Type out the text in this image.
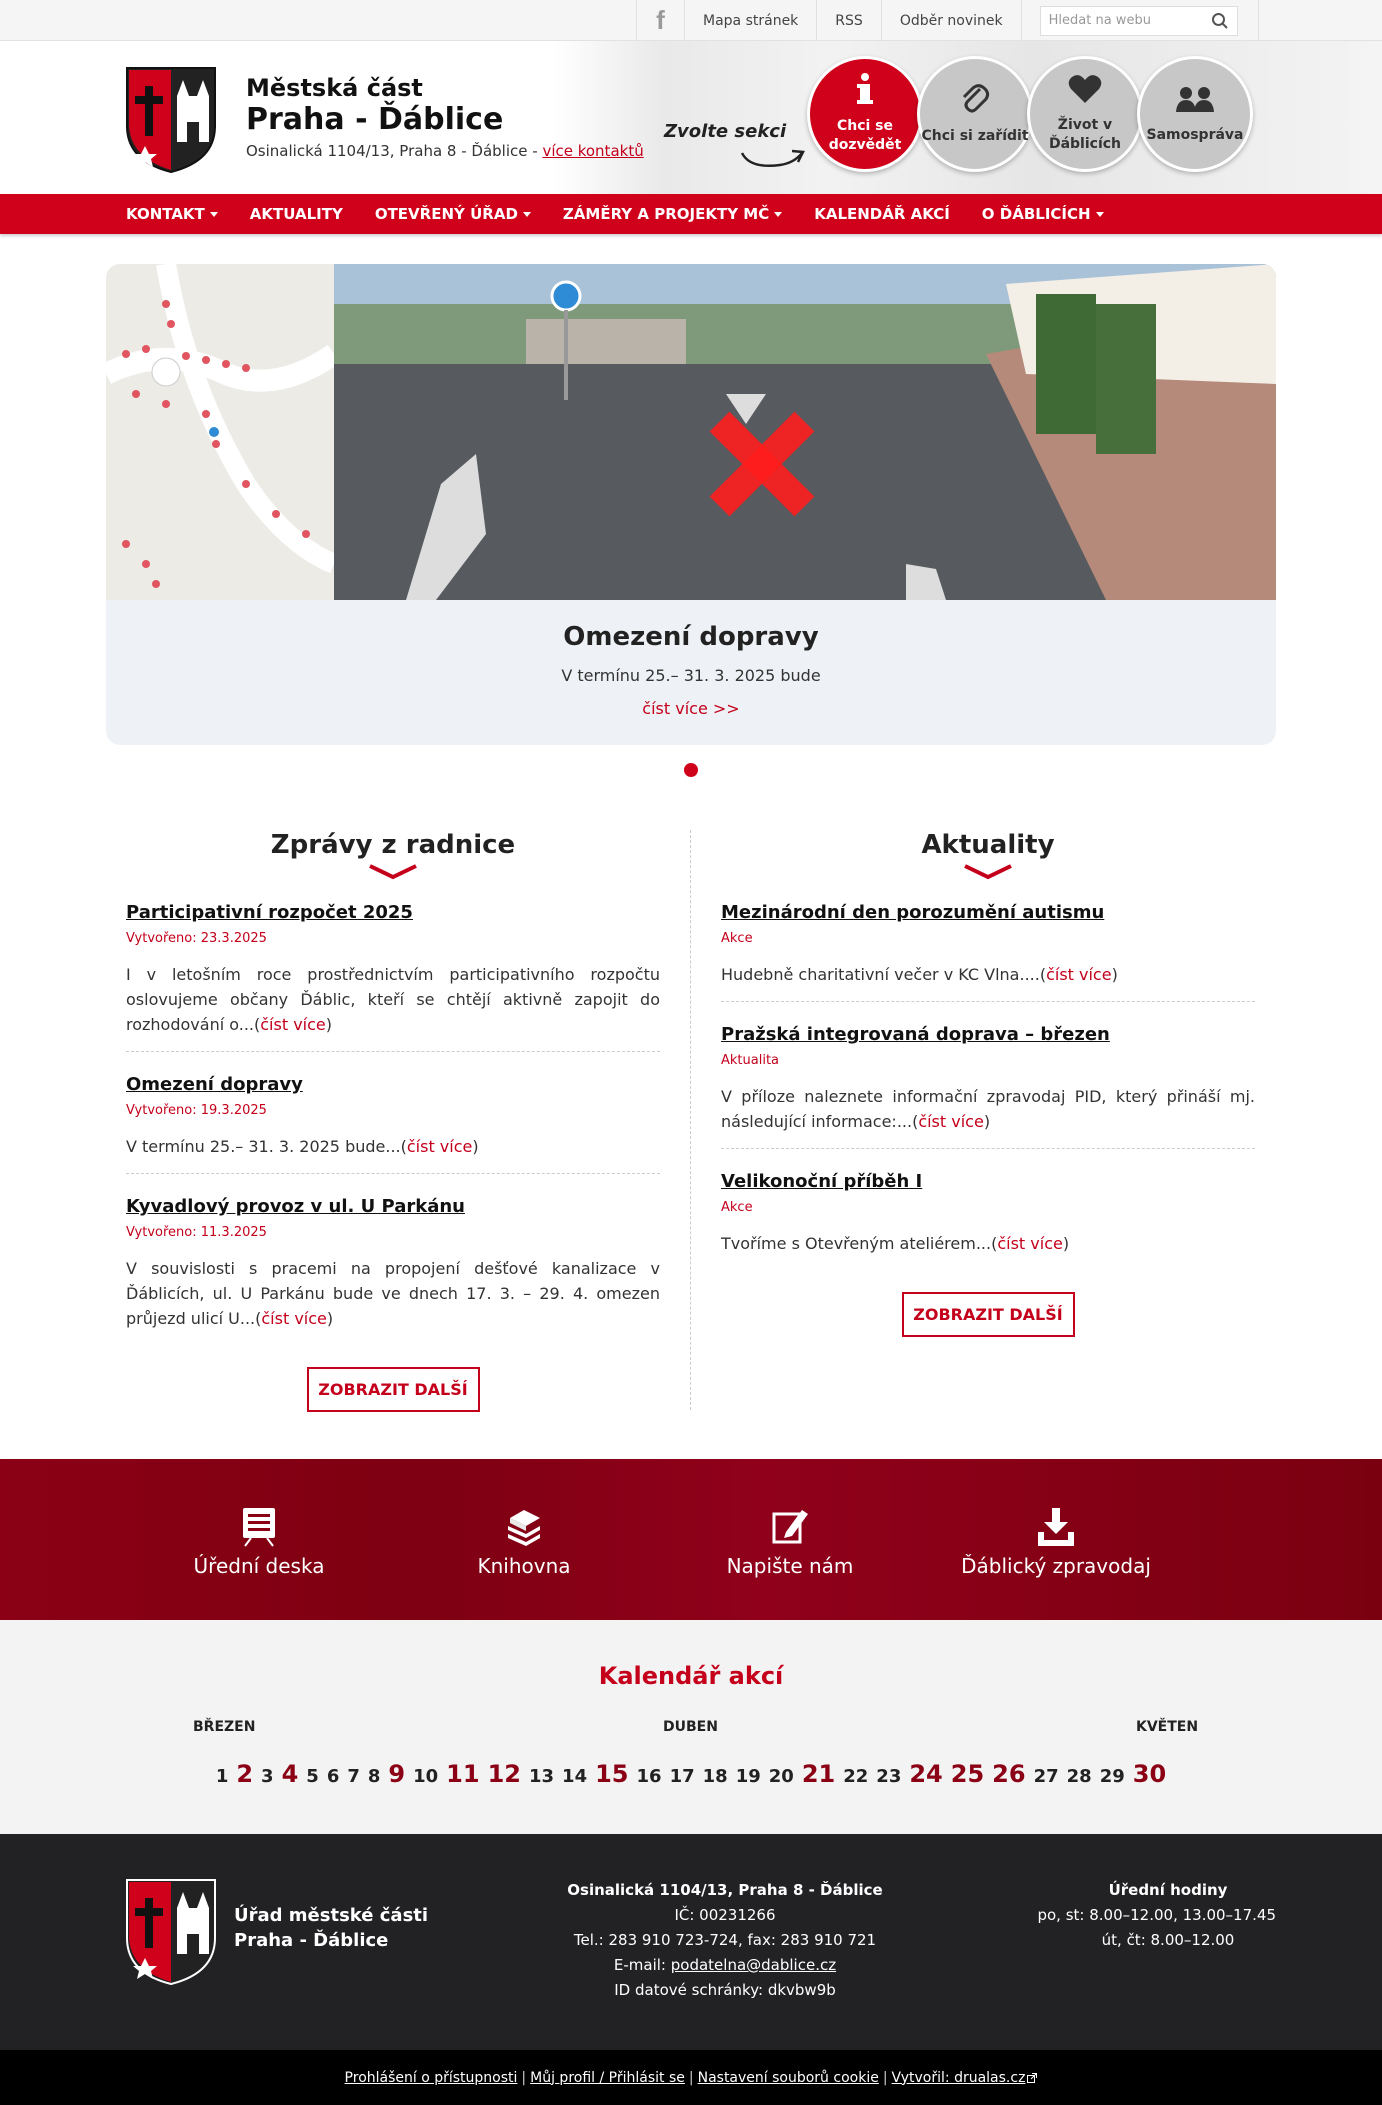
f	Mapa stránek	RSS	Odběr novinek
Hledat na webu
Městská část
Praha - Ďáblice
Osinalická 1104/13, Praha 8 - Ďáblice - více kontaktů
Zvolte sekci	Chci se dozvědět
Chci si zařídit
Život v Ďáblicích
Samospráva
KONTAKT	AKTUALITY OTEVŘENÝ ÚŘAD	ZÁMĚRY A PROJEKTY MČ	KALENDÁŘ AKCÍ O ĎÁBLICÍCH
Omezení dopravy
V termínu 25.– 31. 3. 2025 bude
číst více >>
Zprávy z radnice
Participativní rozpočet 2025
Vytvořeno: 23.3.2025
I v letošním roce prostřednictvím participativního rozpočtu oslovujeme občany Ďáblic, kteří se chtějí aktivně zapojit do rozhodování o...(číst více)
Omezení dopravy
Vytvořeno: 19.3.2025
V termínu 25.– 31. 3. 2025 bude...(číst více)
Kyvadlový provoz v ul. U Parkánu
Vytvořeno: 11.3.2025
V souvislosti s pracemi na propojení dešťové kanalizace v Ďáblicích, ul. U Parkánu bude ve dnech 17. 3. – 29. 4. omezen průjezd ulicí U...(číst více)
ZOBRAZIT DALŠÍ
Aktuality
Mezinárodní den porozumění autismu
Akce
Hudebně charitativní večer v KC Vlna....(číst více)
Pražská integrovaná doprava – březen
Aktualita
V příloze naleznete informační zpravodaj PID, který přináší mj. následující informace:...(číst více)
Velikonoční příběh I
Akce
Tvoříme s Otevřeným ateliérem...(číst více)
ZOBRAZIT DALŠÍ
Úřední deska	Knihovna	Napište nám	Ďáblický zpravodaj
Kalendář akcí
BŘEZEN	DUBEN	KVĚTEN
1 2 3 4 5 6 7 8 9 10 11 12 13 14 15 16 17 18 19 20 21 22 23 24 25 26 27 28 29 30
Úřad městské části
Praha - Ďáblice
Osinalická 1104/13, Praha 8 - Ďáblice
IČ: 00231266
Tel.: 283 910 723-724, fax: 283 910 721
E-mail: podatelna@dablice.cz
ID datové schránky: dkvbw9b
Úřední hodiny
po, st: 8.00–12.00, 13.00–17.45
út, čt: 8.00–12.00
Prohlášení o přístupnosti | Můj profil / Přihlásit se | Nastavení souborů cookie | Vytvořil: drualas.cz
